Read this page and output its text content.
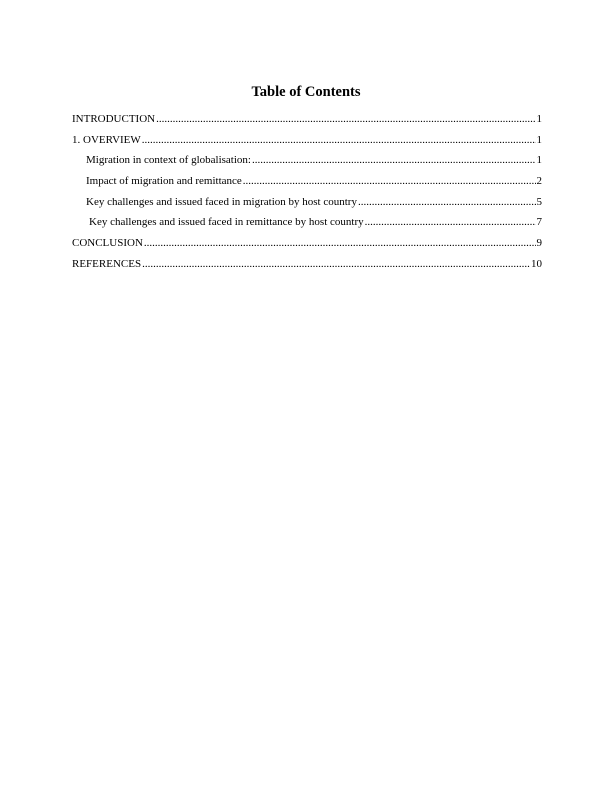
Table of Contents
INTRODUCTION .....	1
1. OVERVIEW .....	1
Migration in context of globalisation: .....	1
Impact of migration and remittance .....	2
Key challenges and issued faced in migration by host country .....	5
Key challenges and issued faced in remittance by host country .....	7
CONCLUSION .....	9
REFERENCES .....	10
